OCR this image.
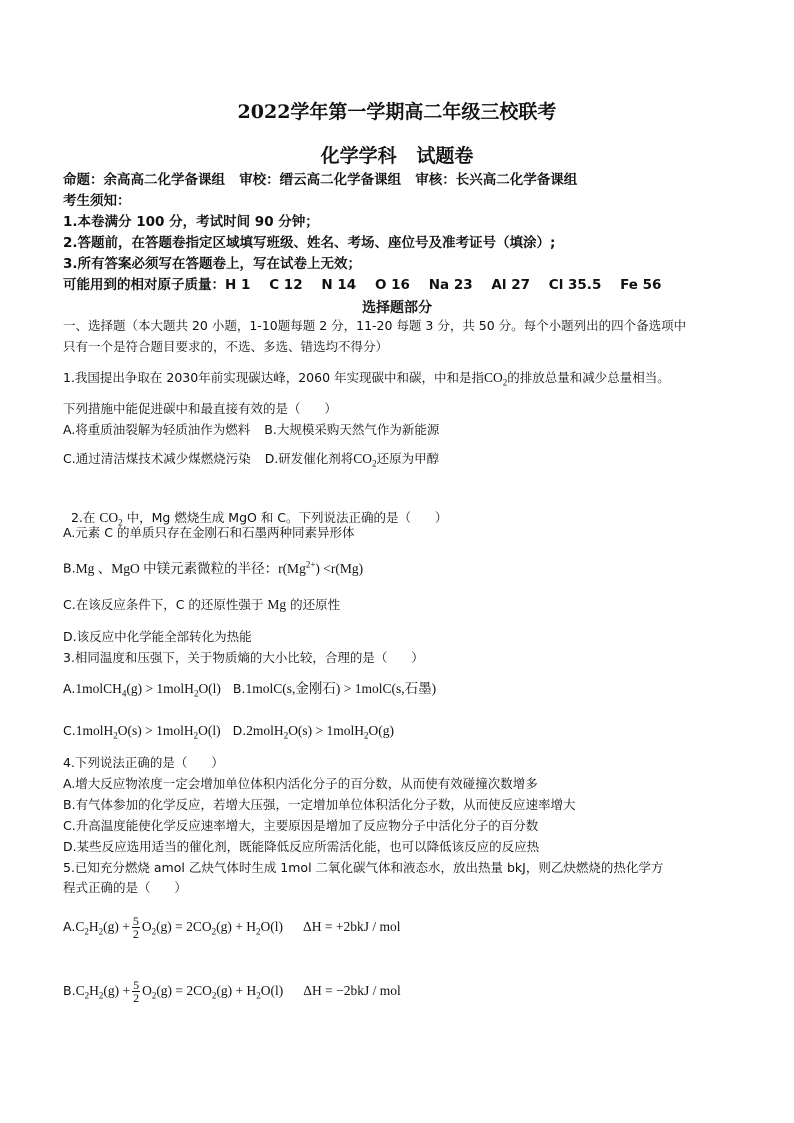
2022学年第一学期高二年级三校联考
化学学科   试题卷
命题：余高高二化学备课组   审校：缙云高二化学备课组   审核：长兴高二化学备课组
考生须知：
1.本卷满分 100 分，考试时间 90 分钟；
2.答题前，在答题卷指定区域填写班级、姓名、考场、座位号及准考证号（填涂）;
3.所有答案必须写在答题卷上，写在试卷上无效；
可能用到的相对原子质量：H 1    C 12    N 14    O 16    Na 23    Al 27    Cl 35.5    Fe 56
选择题部分
一、选择题（本大题共 20 小题，1-10题每题 2 分，11-20 每题 3 分，共 50 分。每个小题列出的四个备选项中
只有一个是符合题目要求的，不选、多选、错选均不得分）
1.我国提出争取在 2030年前实现碳达峰，2060 年实现碳中和碳，中和是指$CO_2$的排放总量和减少总量相当。
下列措施中能促进碳中和最直接有效的是（      ）
A.将重质油裂解为轻质油作为燃料 B.大规模采购天然气作为新能源
C.通过清洁煤技术减少煤燃烧污染 D.研发催化剂将$CO_2$还原为甲醇

2.在 $CO_2$ 中，Mg 燃烧生成 MgO 和 C。下列说法正确的是（      ）

A.元素 C 的单质只存在金刚石和石墨两种同素异形体
B.Mg 、MgO 中镁元素微粒的半径：$r(Mg^{2+}) <r(Mg)$
C.在该反应条件下，C 的还原性强于 Mg 的还原性
D.该反应中化学能全部转化为热能
3.相同温度和压强下，关于物质熵的大小比较，合理的是（      ）
A.1molCH$_4$(g) > 1molH$_2$O(l) B.1molC(s,金刚石) > 1molC(s,石墨)
C.1molH$_2$O(s) > 1molH$_2$O(l) D.2molH$_2$O(s) > 1molH$_2$O(g)
4.下列说法正确的是（      ）
A.增大反应物浓度一定会增加单位体积内活化分子的百分数，从而使有效碰撞次数增多
B.有气体参加的化学反应，若增大压强，一定增加单位体积活化分子数，从而使反应速率增大
C.升高温度能使化学反应速率增大，主要原因是增加了反应物分子中活化分子的百分数
D.某些反应选用适当的催化剂，既能降低反应所需活化能，也可以降低该反应的反应热
5.已知充分燃烧 amol 乙炔气体时生成 1mol 二氧化碳气体和液态水，放出热量 bkJ，则乙炔燃烧的热化学方
程式正确的是（      ）
$A.C_2H_2(g) + \frac{5}{2} O_2(g) = 2CO_2(g) + H_2O(l) \Delta H = +2bkJ$ / mol
$B.C_2H_2(g) + \frac{5}{2} O_2(g) = 2CO_2(g) + H_2O(l) \Delta H = -2bkJ$ / mol
